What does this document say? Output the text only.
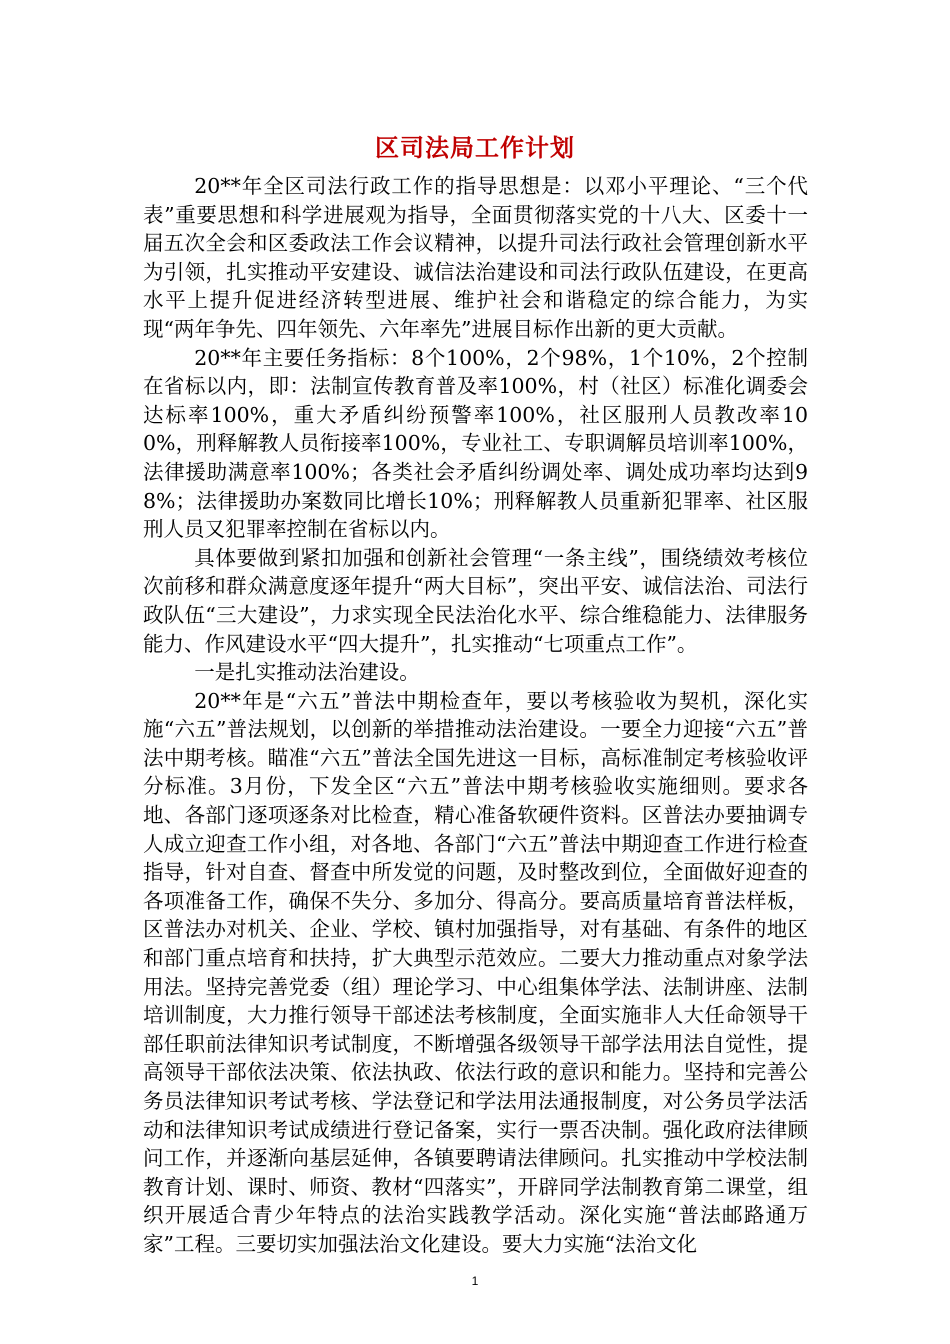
区司法局工作计划

20**年全区司法行政工作的指导思想是：以邓小平理论、“三个代表”重要思想和科学进展观为指导，全面贯彻落实党的十八大、区委十一届五次全会和区委政法工作会议精神，以提升司法行政社会管理创新水平为引领，扎实推动平安建设、诚信法治建设和司法行政队伍建设，在更高水平上提升促进经济转型进展、维护社会和谐稳定的综合能力，为实现“两年争先、四年领先、六年率先”进展目标作出新的更大贡献。

20**年主要任务指标：8个100%，2个98%，1个10%，2个控制在省标以内，即：法制宣传教育普及率100%，村（社区）标准化调委会达标率100%，重大矛盾纠纷预警率100%，社区服刑人员教改率100%，刑释解教人员衔接率100%，专业社工、专职调解员培训率100%，法律援助满意率100%；各类社会矛盾纠纷调处率、调处成功率均达到98%；法律援助办案数同比增长10%；刑释解教人员重新犯罪率、社区服刑人员又犯罪率控制在省标以内。

具体要做到紧扣加强和创新社会管理“一条主线”，围绕绩效考核位次前移和群众满意度逐年提升“两大目标”，突出平安、诚信法治、司法行政队伍“三大建设”，力求实现全民法治化水平、综合维稳能力、法律服务能力、作风建设水平“四大提升”，扎实推动“七项重点工作”。

一是扎实推动法治建设。

20**年是“六五”普法中期检查年，要以考核验收为契机，深化实施“六五”普法规划，以创新的举措推动法治建设。一要全力迎接“六五”普法中期考核。瞄准“六五”普法全国先进这一目标，高标准制定考核验收评分标准。3月份，下发全区“六五”普法中期考核验收实施细则。要求各地、各部门逐项逐条对比检查，精心准备软硬件资料。区普法办要抽调专人成立迎查工作小组，对各地、各部门“六五”普法中期迎查工作进行检查指导，针对自查、督查中所发觉的问题，及时整改到位，全面做好迎查的各项准备工作，确保不失分、多加分、得高分。要高质量培育普法样板，区普法办对机关、企业、学校、镇村加强指导，对有基础、有条件的地区和部门重点培育和扶持，扩大典型示范效应。二要大力推动重点对象学法用法。坚持完善党委（组）理论学习、中心组集体学法、法制讲座、法制培训制度，大力推行领导干部述法考核制度，全面实施非人大任命领导干部任职前法律知识考试制度，不断增强各级领导干部学法用法自觉性，提高领导干部依法决策、依法执政、依法行政的意识和能力。坚持和完善公务员法律知识考试考核、学法登记和学法用法通报制度，对公务员学法活动和法律知识考试成绩进行登记备案，实行一票否决制。强化政府法律顾问工作，并逐渐向基层延伸，各镇要聘请法律顾问。扎实推动中学校法制教育计划、课时、师资、教材“四落实”，开辟同学法制教育第二课堂，组织开展适合青少年特点的法治实践教学活动。深化实施“普法邮路通万家”工程。三要切实加强法治文化建设。要大力实施“法治文化

1
